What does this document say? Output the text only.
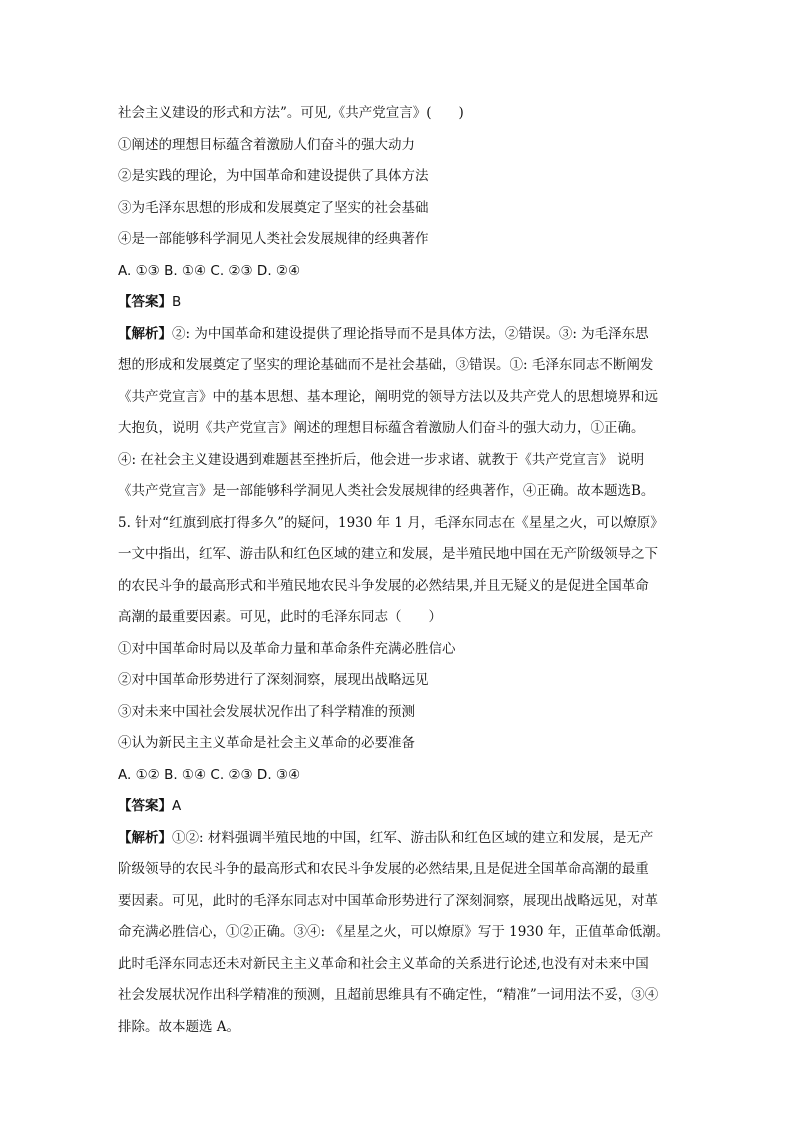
社会主义建设的形式和方法”。可见,《共产党宣言》(　　)
①阐述的理想目标蕴含着激励人们奋斗的强大动力
②是实践的理论，为中国革命和建设提供了具体方法
③为毛泽东思想的形成和发展奠定了坚实的社会基础
④是一部能够科学洞见人类社会发展规律的经典著作
A. ①③ B. ①④ C. ②③ D. ②④
【答案】B
【解析】②: 为中国革命和建设提供了理论指导而不是具体方法，②错误。③: 为毛泽东思
想的形成和发展奠定了坚实的理论基础而不是社会基础，③错误。①: 毛泽东同志不断阐发
《共产党宣言》中的基本思想、基本理论，阐明党的领导方法以及共产党人的思想境界和远
大抱负，说明《共产党宣言》阐述的理想目标蕴含着激励人们奋斗的强大动力，①正确。
④: 在社会主义建设遇到难题甚至挫折后，他会进一步求诸、就教于《共产党宣言》 说明
《共产党宣言》是一部能够科学洞见人类社会发展规律的经典著作，④正确。故本题选B。
5. 针对“红旗到底打得多久”的疑问，1930 年 1 月，毛泽东同志在《星星之火，可以燎原》
一文中指出，红军、游击队和红色区域的建立和发展，是半殖民地中国在无产阶级领导之下
的农民斗争的最高形式和半殖民地农民斗争发展的必然结果,并且无疑义的是促进全国革命
高潮的最重要因素。可见，此时的毛泽东同志（　　）
①对中国革命时局以及革命力量和革命条件充满必胜信心
②对中国革命形势进行了深刻洞察，展现出战略远见
③对未来中国社会发展状况作出了科学精准的预测
④认为新民主主义革命是社会主义革命的必要准备
A. ①② B. ①④ C. ②③ D. ③④
【答案】A
【解析】①②: 材料强调半殖民地的中国，红军、游击队和红色区域的建立和发展，是无产
阶级领导的农民斗争的最高形式和农民斗争发展的必然结果,且是促进全国革命高潮的最重
要因素。可见，此时的毛泽东同志对中国革命形势进行了深刻洞察，展现出战略远见，对革
命充满必胜信心，①②正确。③④: 《星星之火，可以燎原》写于 1930 年，正值革命低潮。
此时毛泽东同志还未对新民主主义革命和社会主义革命的关系进行论述,也没有对未来中国
社会发展状况作出科学精准的预测，且超前思维具有不确定性，“精准”一词用法不妥，③④
排除。故本题选 A。
